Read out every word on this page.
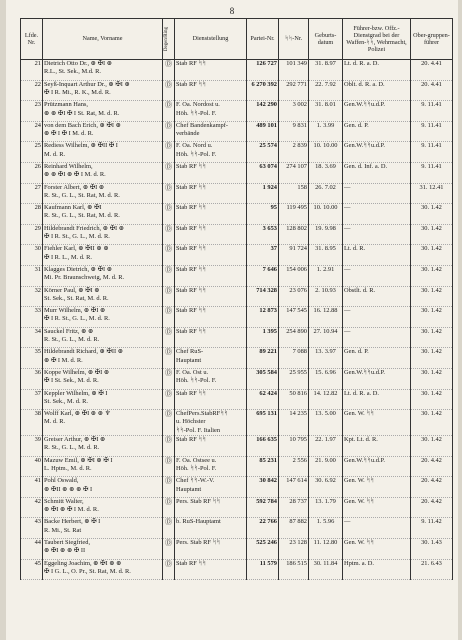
8
Lfde. Nr.	Name, Vorname	Degen/Ring	Dienststellung	Partei-Nr.	ᛋᛋ-Nr.	Geburts-datum	Führer-bzw. Offz.-Dienstgrad bei der Waffen-ᛋᛋ, Wehrmacht, Polizei	Ober-gruppen-führer
21	Dietrich Otto Dr., ⊛ ✠I ⊛
R.L., St. Sek., M.d. R.	Ⓓ	Stab RF ᛋᛋ	126 727	101 349	31. 8.97	Lt. d. R. a. D.	20. 4.41
22	Seyß-Inquart Arthur Dr., ⊛ ✠I ⊛
✠ I R. Mi., R. K., M.d. R.	Ⓓ	Stab RF ᛋᛋ	6 270 392	292 771	22. 7.92	Oblt. d. R. a. D.	20. 4.41
23	Prützmann Hans,
⊛ ⊛ ✠I ✠ I St. Rat, M. d. R.	Ⓓ	F. Oa. Nordost u.
Höh. ᛋᛋ-Pol. F.	142 290	3 002	31. 8.01	Gen.W.ᛋᛋu.d.P.	9. 11.41
24	von dem Bach Erich, ⊛ ✠I ⊛
⊛ ✠ I ✠ I M. d. R.	Ⓓ	Chef Bandenkampf-
verbände	489 101	9 831	1. 3.99	Gen. d. P.	9. 11.41
25	Rediess Wilhelm, ⊛ ✠II ✠ I
M. d. R.	Ⓓ	F. Oa. Nord u.
Höh. ᛋᛋ-Pol. F.	25 574	2 839	10. 10.00	Gen.W.ᛋᛋu.d.P.	9. 11.41
26	Reinhard Wilhelm,
⊛ ⊛ ✠I ⊛ ✠ I M. d. R.	Ⓓ	Stab RF ᛋᛋ	63 074	274 107	18. 3.69	Gen. d. Inf. a. D.	9. 11.41
27	Forster Albert, ⊛ ✠I ⊛
R. St., G. L., St. Rat, M. d. R.	Ⓓ	Stab RF ᛋᛋ	1 924	158	26. 7.02	—	31. 12.41
28	Kaufmann Karl, ⊛ ✠I
R. St., G. L., St. Rat, M. d. R.	Ⓓ	Stab RF ᛋᛋ	95	119 495	10. 10.00	—	30. 1.42
29	Hildebrandt Friedrich, ⊛ ✠I ⊛
✠ I R. St., G. L., M. d. R.	Ⓓ	Stab RF ᛋᛋ	3 653	128 802	19. 9.98	—	30. 1.42
30	Fiehler Karl, ⊛ ✠II ⊛ ⊛
✠ I R. L., M. d. R.	Ⓓ	Stab RF ᛋᛋ	37	91 724	31. 8.95	Lt. d. R.	30. 1.42
31	Klagges Dietrich, ⊛ ✠I ⊛
Mi. Pr. Braunschweig, M. d. R.	Ⓓ	Stab RF ᛋᛋ	7 646	154 006	1. 2.91	—	30. 1.42
32	Körner Paul, ⊛ ✠I ⊛
St. Sek., St. Rat, M. d. R.	Ⓓ	Stab RF ᛋᛋ	714 328	23 076	2. 10.93	Obstlt. d. R.	30. 1.42
33	Murr Wilhelm, ⊛ ✠I ⊛
✠ I R. St., G. L., M. d. R.	Ⓓ	Stab RF ᛋᛋ	12 873	147 545	16. 12.88	—	30. 1.42
34	Sauckel Fritz, ⊛ ⊛
R. St., G. L., M. d. R.	Ⓓ	Stab RF ᛋᛋ	1 395	254 890	27. 10.94	—	30. 1.42
35	Hildebrandt Richard, ⊛ ✠II ⊛
⊛ ✠ I M. d. R.	Ⓓ	Chef RuS-
Hauptamt	89 221	7 088	13. 3.97	Gen. d. P.	30. 1.42
36	Koppe Wilhelm, ⊛ ✠I ⊛
✠ I St. Sek., M. d. R.	Ⓓ	F. Oa. Ost u.
Höh. ᛋᛋ-Pol. F.	305 584	25 955	15. 6.96	Gen.W.ᛋᛋu.d.P.	30. 1.42
37	Keppler Wilhelm, ⊛ ✠ I
St. Sek., M. d. R.	Ⓓ	Stab RF ᛋᛋ	62 424	50 816	14. 12.82	Lt. d. R. a. D.	30. 1.42
38	Wolff Karl, ⊛ ✠I ⊛ ⊛ ♆
M. d. R.	Ⓓ	ChefPers.StabRFᛋᛋ
u. Höchster
ᛋᛋ-Pol. F. Italien	695 131	14 235	13. 5.00	Gen. W. ᛋᛋ	30. 1.42
39	Greiser Arthur, ⊛ ✠I ⊛
R. St., G. L., M. d. R.	Ⓓ	Stab RF ᛋᛋ	166 635	10 795	22. 1.97	Kpt. Lt. d. R.	30. 1.42
40	Mazuw Emil, ⊛ ✠I ⊛ ✠ I
L. Hptm., M. d. R.	Ⓓ	F. Oa. Ostsee u.
Höh. ᛋᛋ-Pol. F.	85 231	2 556	21. 9.00	Gen.W.ᛋᛋu.d.P.	20. 4.42
41	Pohl Oswald,
⊛ ✠II ⊛ ⊛ ⊛ ✠ I	Ⓓ	Chef ᛋᛋ-W.-V.
Hauptamt	30 842	147 614	30. 6.92	Gen. W. ᛋᛋ	20. 4.42
42	Schmitt Walter,
⊛ ✠I ⊛ ✠ I M. d. R.	Ⓓ	Pers. Stab RF ᛋᛋ	592 784	28 737	13. 1.79	Gen. W. ᛋᛋ	20. 4.42
43	Backe Herbert, ⊛ ✠ I
R. Mi., St. Rat	Ⓓ	b. RuS-Hauptamt	22 766	87 882	1. 5.96	—	9. 11.42
44	Taubert Siegfried,
⊛ ✠I ⊛ ⊛ ✠ II	Ⓓ	Pers. Stab RF ᛋᛋ	525 246	23 128	11. 12.80	Gen. W. ᛋᛋ	30. 1.43
45	Eggeling Joachim, ⊛ ✠I ⊛ ⊛
✠ I G. L., O. Pr., St. Rat, M. d. R.	Ⓓ	Stab RF ᛋᛋ	11 579	186 515	30. 11.84	Hptm. a. D.	21. 6.43
